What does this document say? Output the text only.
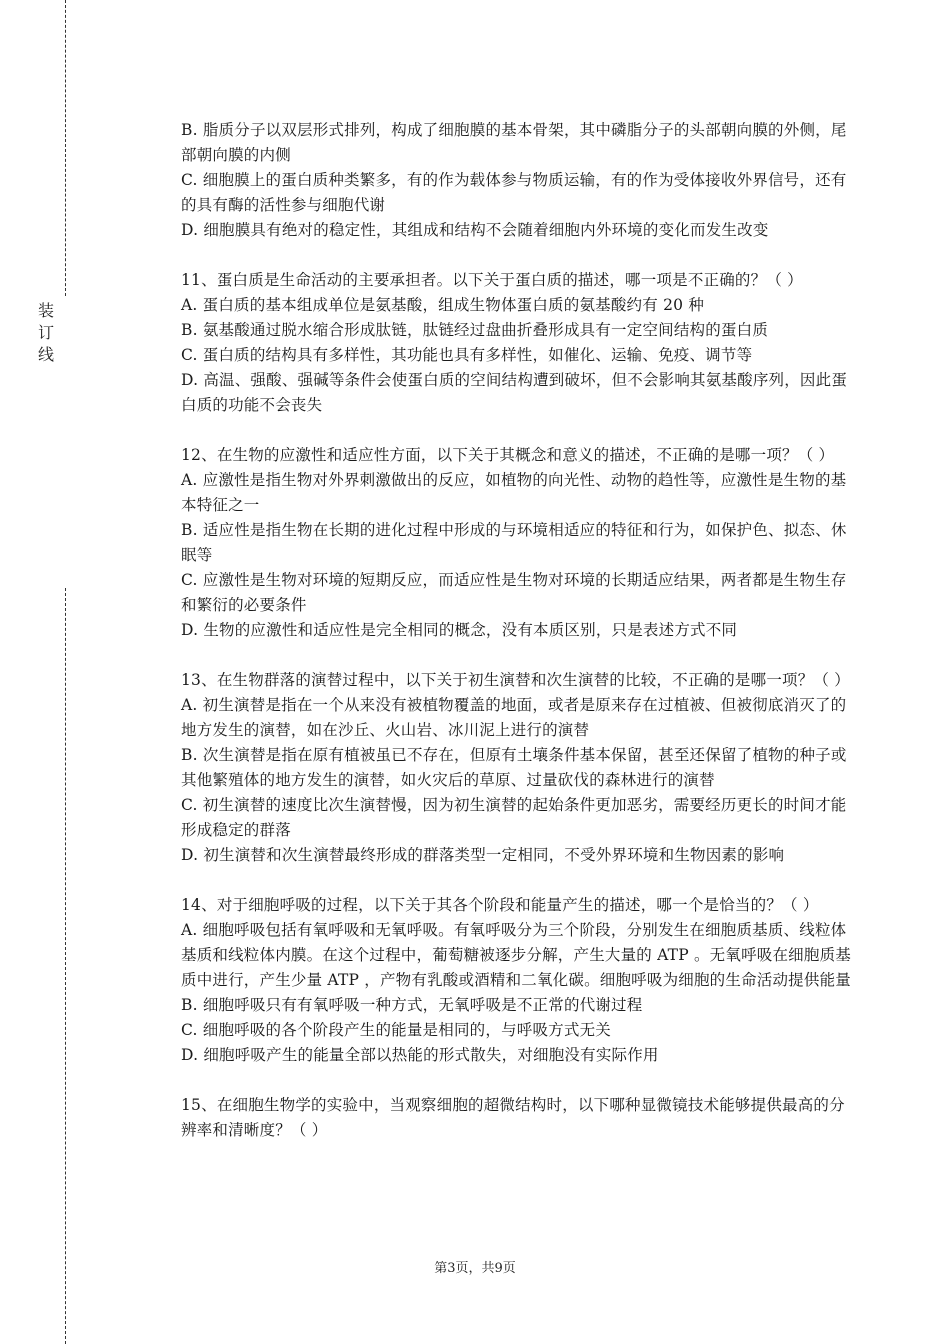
装订线

B. 脂质分子以双层形式排列，构成了细胞膜的基本骨架，其中磷脂分子的头部朝向膜的外侧，尾部朝向膜的内侧

C. 细胞膜上的蛋白质种类繁多，有的作为载体参与物质运输，有的作为受体接收外界信号，还有的具有酶的活性参与细胞代谢

D. 细胞膜具有绝对的稳定性，其组成和结构不会随着细胞内外环境的变化而发生改变

11、蛋白质是生命活动的主要承担者。以下关于蛋白质的描述，哪一项是不正确的？（ ）

A. 蛋白质的基本组成单位是氨基酸，组成生物体蛋白质的氨基酸约有 20 种

B. 氨基酸通过脱水缩合形成肽链，肽链经过盘曲折叠形成具有一定空间结构的蛋白质

C. 蛋白质的结构具有多样性，其功能也具有多样性，如催化、运输、免疫、调节等

D. 高温、强酸、强碱等条件会使蛋白质的空间结构遭到破坏，但不会影响其氨基酸序列，因此蛋白质的功能不会丧失

12、在生物的应激性和适应性方面，以下关于其概念和意义的描述，不正确的是哪一项？（ ）

A. 应激性是指生物对外界刺激做出的反应，如植物的向光性、动物的趋性等，应激性是生物的基本特征之一

B. 适应性是指生物在长期的进化过程中形成的与环境相适应的特征和行为，如保护色、拟态、休眠等

C. 应激性是生物对环境的短期反应，而适应性是生物对环境的长期适应结果，两者都是生物生存和繁衍的必要条件

D. 生物的应激性和适应性是完全相同的概念，没有本质区别，只是表述方式不同

13、在生物群落的演替过程中，以下关于初生演替和次生演替的比较，不正确的是哪一项？（ ）

A. 初生演替是指在一个从来没有被植物覆盖的地面，或者是原来存在过植被、但被彻底消灭了的地方发生的演替，如在沙丘、火山岩、冰川泥上进行的演替

B. 次生演替是指在原有植被虽已不存在，但原有土壤条件基本保留，甚至还保留了植物的种子或其他繁殖体的地方发生的演替，如火灾后的草原、过量砍伐的森林进行的演替

C. 初生演替的速度比次生演替慢，因为初生演替的起始条件更加恶劣，需要经历更长的时间才能形成稳定的群落

D. 初生演替和次生演替最终形成的群落类型一定相同，不受外界环境和生物因素的影响

14、对于细胞呼吸的过程，以下关于其各个阶段和能量产生的描述，哪一个是恰当的？（ ）

A. 细胞呼吸包括有氧呼吸和无氧呼吸。有氧呼吸分为三个阶段，分别发生在细胞质基质、线粒体基质和线粒体内膜。在这个过程中，葡萄糖被逐步分解，产生大量的 ATP 。无氧呼吸在细胞质基质中进行，产生少量 ATP ，产物有乳酸或酒精和二氧化碳。细胞呼吸为细胞的生命活动提供能量

B. 细胞呼吸只有有氧呼吸一种方式，无氧呼吸是不正常的代谢过程

C. 细胞呼吸的各个阶段产生的能量是相同的，与呼吸方式无关

D. 细胞呼吸产生的能量全部以热能的形式散失，对细胞没有实际作用

15、在细胞生物学的实验中，当观察细胞的超微结构时，以下哪种显微镜技术能够提供最高的分辨率和清晰度？（ ）

第3页，共9页
